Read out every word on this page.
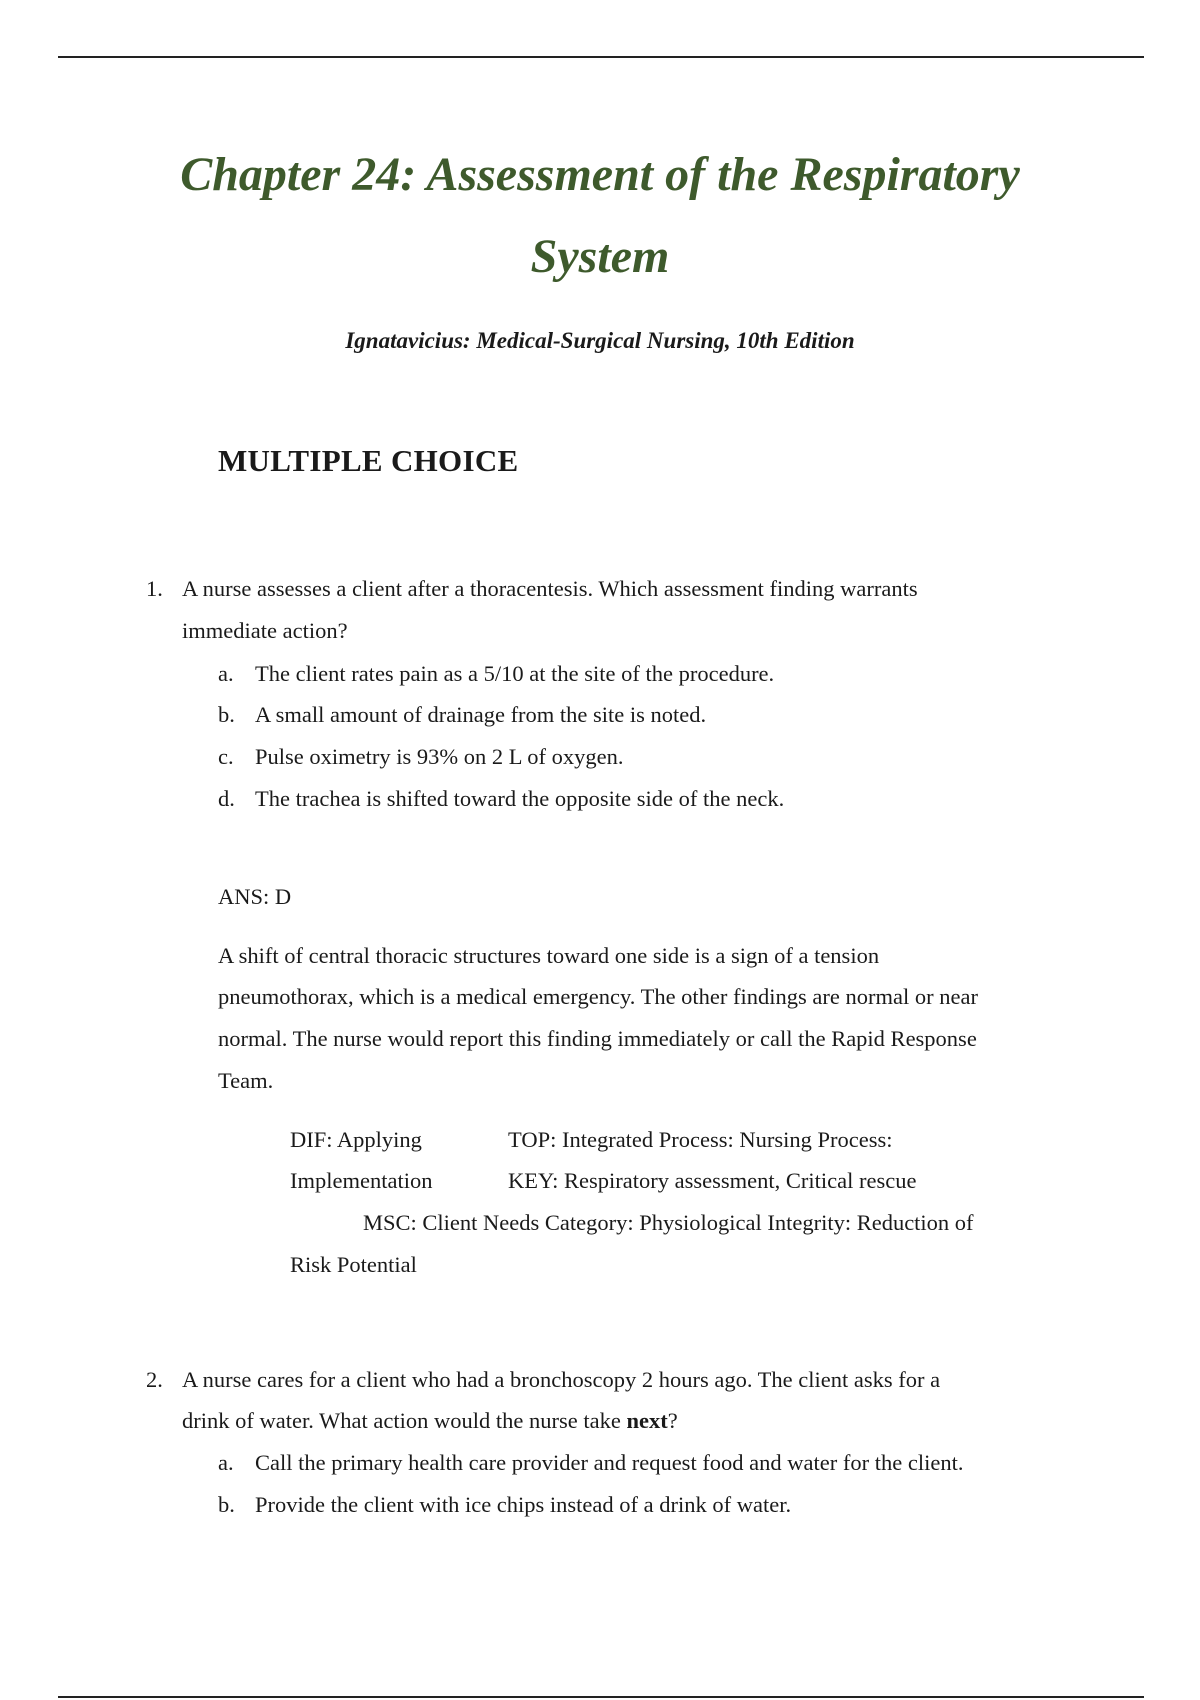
Chapter 24: Assessment of the Respiratory
System
Ignatavicius: Medical-Surgical Nursing, 10th Edition
MULTIPLE CHOICE
1. A nurse assesses a client after a thoracentesis. Which assessment finding warrants
immediate action?
a. The client rates pain as a 5/10 at the site of the procedure.
b. A small amount of drainage from the site is noted.
c. Pulse oximetry is 93% on 2 L of oxygen.
d. The trachea is shifted toward the opposite side of the neck.
ANS: D
A shift of central thoracic structures toward one side is a sign of a tension
pneumothorax, which is a medical emergency. The other findings are normal or near
normal. The nurse would report this finding immediately or call the Rapid Response
Team.
DIF: Applying	TOP: Integrated Process: Nursing Process:
Implementation	KEY: Respiratory assessment, Critical rescue
MSC: Client Needs Category: Physiological Integrity: Reduction of
Risk Potential
2. A nurse cares for a client who had a bronchoscopy 2 hours ago. The client asks for a
drink of water. What action would the nurse take next?
a. Call the primary health care provider and request food and water for the client.
b. Provide the client with ice chips instead of a drink of water.
